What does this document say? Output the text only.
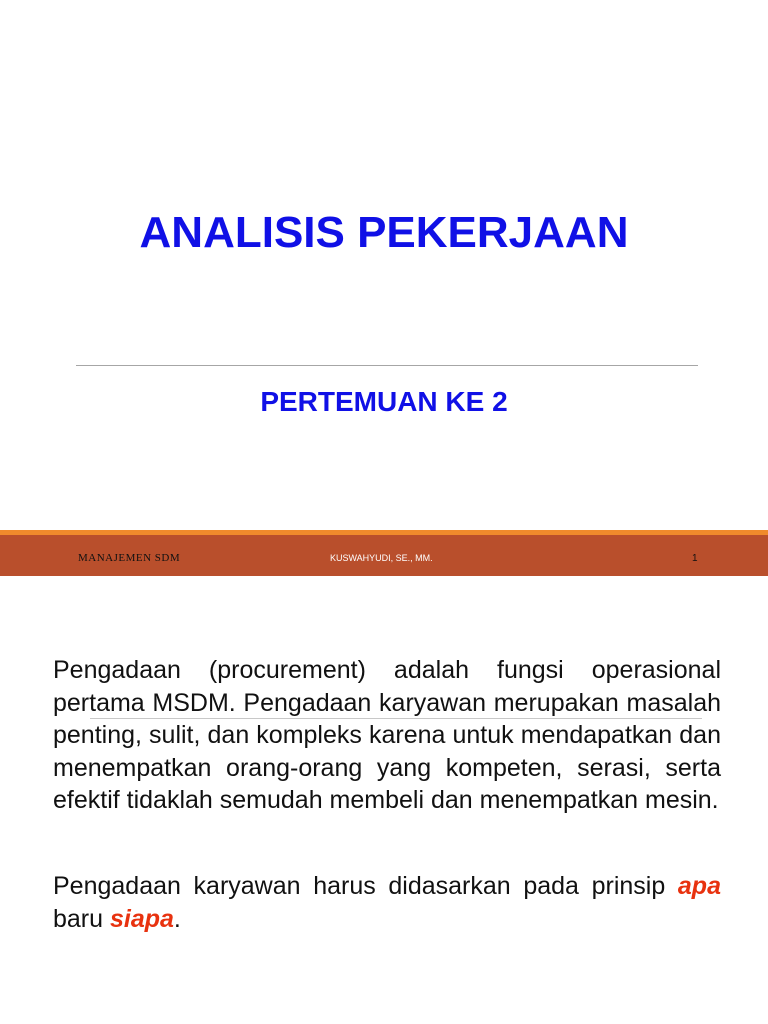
ANALISIS PEKERJAAN
PERTEMUAN KE 2
MANAJEMEN SDM	KUSWAHYUDI, SE., MM.	1
Pengadaan (procurement) adalah fungsi operasional pertama MSDM. Pengadaan karyawan merupakan masalah penting, sulit, dan kompleks karena untuk mendapatkan dan menempatkan orang-orang yang kompeten, serasi, serta efektif tidaklah semudah membeli dan menempatkan mesin.
Pengadaan karyawan harus didasarkan pada prinsip apa baru siapa.
